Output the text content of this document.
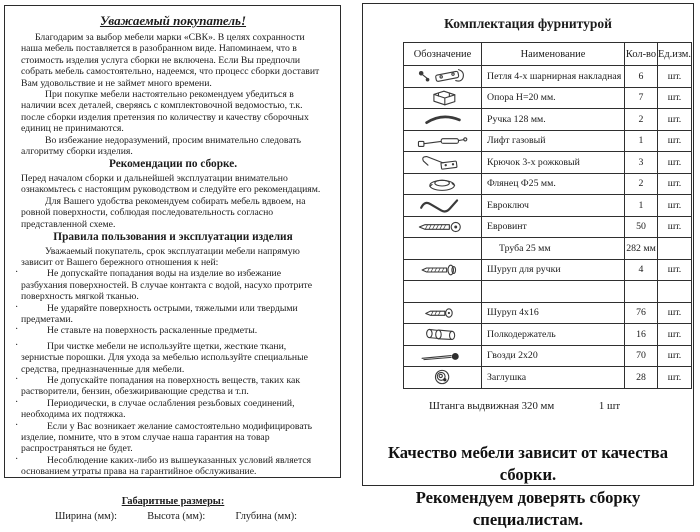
Уважаемый покупатель!

Благодарим за выбор мебели марки «СВК». В целях сохранности наша мебель поставляется в разобранном виде. Напоминаем, что в стоимость изделия услуга сборки не включена. Если Вы предпочли собрать мебель самостоятельно, надеемся, что процесс сборки доставит Вам удовольствие и не займет много времени.

При покупке мебели настоятельно рекомендуем убедиться в наличии всех деталей, сверяясь с комплектовочной ведомостью, т.к. после сборки изделия претензия по количеству и качеству сборочных единиц не принимаются.

Во избежание недоразумений, просим внимательно следовать алгоритму сборки изделия.

Рекомендации по сборке.

Перед началом сборки и дальнейшей эксплуатации внимательно ознакомьтесь с настоящим руководством и следуйте его рекомендациям.

Для Вашего удобства рекомендуем собирать мебель вдвоем, на ровной поверхности, соблюдая последовательность согласно представленной схеме.

Правила пользования и эксплуатации изделия

Уважаемый покупатель, срок эксплуатации мебели напрямую зависит от Вашего бережного отношения к ней:

·	Не допускайте попадания воды на изделие во избежание разбухания поверхностей. В случае контакта с водой, насухо протрите поверхность мягкой тканью.
·	Не ударяйте поверхность острыми, тяжелыми или твердыми предметами.
·	Не ставьте на поверхность раскаленные предметы.
·	При чистке мебели не используйте щетки, жесткие ткани, зернистые порошки. Для ухода за мебелью используйте специальные средства, предназначенные для мебели.
·	Не допускайте попадания на поверхность веществ, таких как растворители, бензин, обезжиривающие средства и т.п.
·	Периодически, в случае ослабления резьбовых соединений, необходима их подтяжка.
·	Если у Вас возникает желание самостоятельно модифицировать изделие, помните, что в этом случае наша гарантия на товар распространяться не будет.
·	Несоблюдение каких-либо из вышеуказанных условий является основанием утраты права на гарантийное обслуживание.
Габаритные размеры:
Ширина (мм):	Высота (мм):	Глубина (мм):
Комплектация фурнитурой
Обозначение	Наименование	Кол-во	Ед.изм.

	Петля 4-х шарнирная накладная	6	шт.

	Опора Н=20 мм.	7	шт.

	Ручка 128 мм.	2	шт.

	Лифт газовый	1	шт.

	Крючок 3-х рожковый	3	шт.

	Флянец Ф25 мм.	2	шт.

	Евроключ	1	шт.

	Евровинт	50	шт.
	Труба 25 мм	282 мм	

	Шуруп для ручки	4	шт.

	Шуруп 4х16	76	шт.

	Полкодержатель	16	шт.

	Гвозди 2х20	70	шт.

	Заглушка	28	шт.
Штанга выдвижная 320 мм	1 шт
Качество мебели зависит от качества сборки.
Рекомендуем доверять сборку специалистам.
